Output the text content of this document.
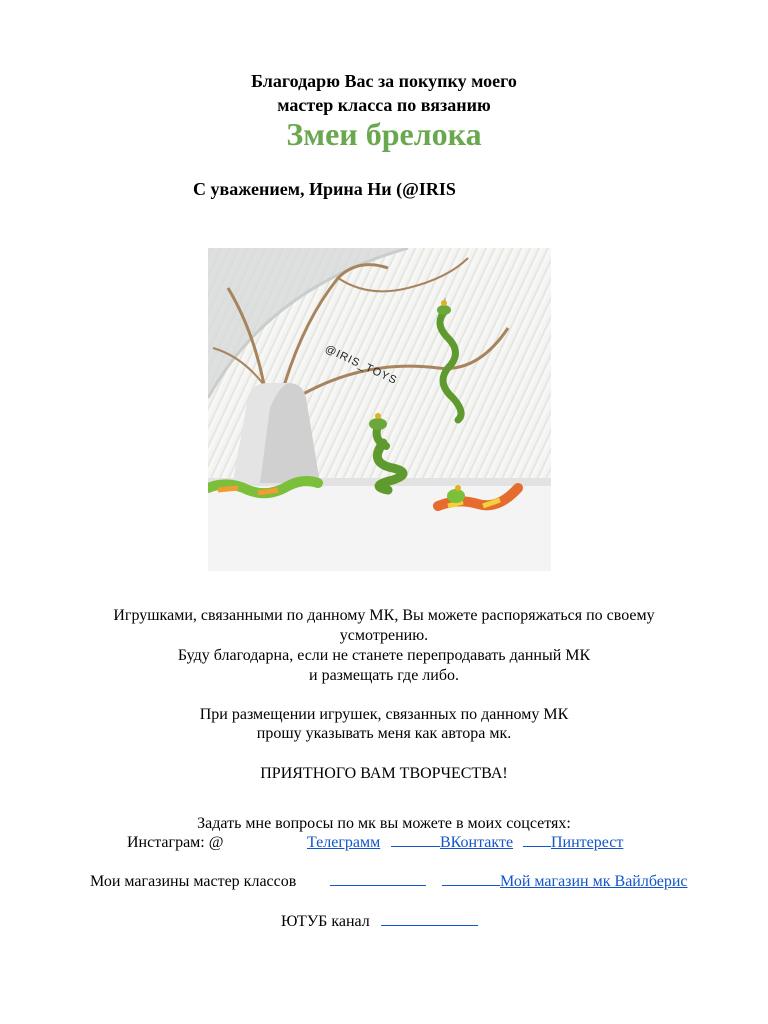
Благодарю Вас за покупку моего
мастер класса по вязанию
Змеи брелока
С уважением, Ирина Ни (@IRIS
@IRIS_TOYS
Игрушками, связанными по данному МК, Вы можете распоряжаться по своему
усмотрению.
Буду благодарна, если не станете перепродавать данный МК
и размещать где либо.
При размещении игрушек, связанных по данному МК
прошу указывать меня как автора мк.
ПРИЯТНОГО ВАМ ТВОРЧЕСТВА!
Задать мне вопросы по мк вы можете в моих соцсетях:
Инстаграм: @	Телеграмм	ВКонтакте Пинтерест
Мои магазины мастер классов	Мой магазин мк Вайлберис
ЮТУБ канал
